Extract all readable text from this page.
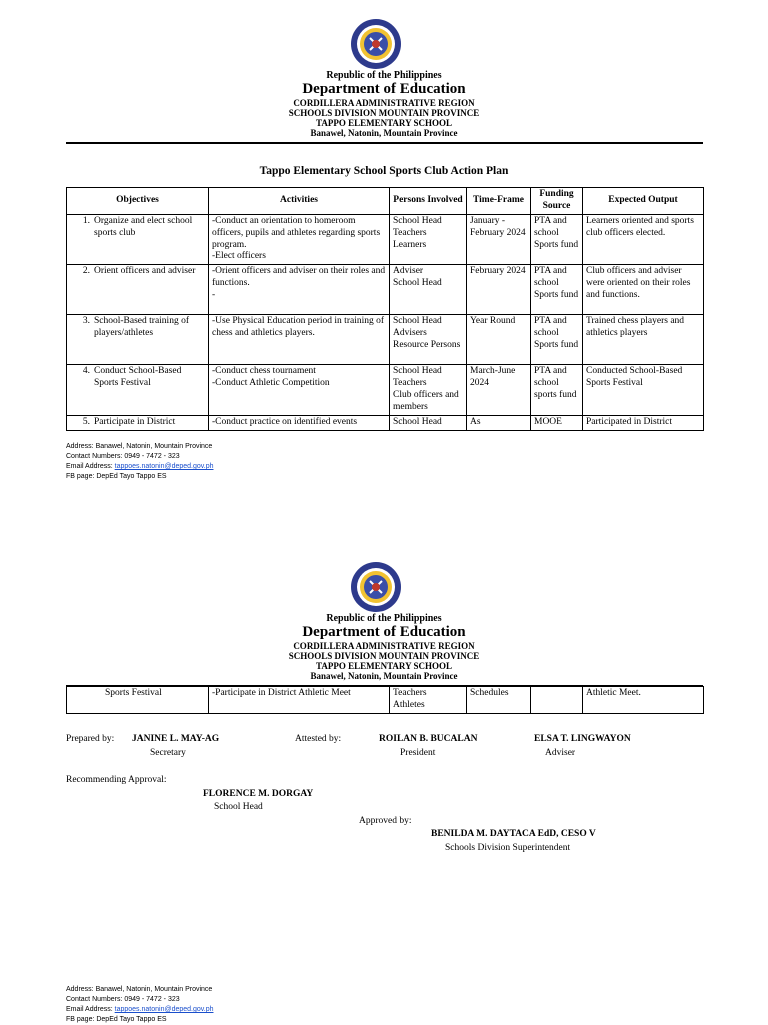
Republic of the Philippines
Department of Education
CORDILLERA ADMINISTRATIVE REGION
SCHOOLS DIVISION MOUNTAIN PROVINCE
TAPPO ELEMENTARY SCHOOL
Banawel, Natonin, Mountain Province
Tappo Elementary School Sports Club Action Plan
Objectives	Activities	Persons Involved	Time-Frame	Funding Source	Expected Output

1. Organize and elect school sports club	-Conduct an orientation to homeroom officers, pupils and athletes regarding sports program.
-Elect officers	School Head
Teachers
Learners	January - February 2024	PTA and school Sports fund	Learners oriented and sports club officers elected.

2. Orient officers and adviser	-Orient officers and adviser on their roles and functions.
-	Adviser
School Head	February 2024	PTA and school Sports fund	Club officers and adviser were oriented on their roles and functions.

3. School-Based training of players/athletes	-Use Physical Education period in training of chess and athletics players.	School Head
Advisers
Resource Persons	Year Round	PTA and school Sports fund	Trained chess players and athletics players

4. Conduct School-Based Sports Festival	-Conduct chess tournament
-Conduct Athletic Competition	School Head
Teachers
Club officers and members	March-June 2024	PTA and school sports fund	Conducted School-Based Sports Festival

5. Participate in District	-Conduct practice on identified events	School Head	As	MOOE	Participated in District
Address: Banawel, Natonin, Mountain Province
Contact Numbers: 0949 - 7472 - 323
Email Address: tappoes.natonin@deped.gov.ph
FB page: DepEd Tayo Tappo ES
Republic of the Philippines
Department of Education
CORDILLERA ADMINISTRATIVE REGION
SCHOOLS DIVISION MOUNTAIN PROVINCE
TAPPO ELEMENTARY SCHOOL
Banawel, Natonin, Mountain Province
Sports Festival	-Participate in District Athletic Meet	Teachers
Athletes	Schedules		Athletic Meet.
Prepared by: JANINE L. MAY-AG
Secretary
Attested by:	ROILAN B. BUCALAN
President
ELSA T. LINGWAYON
Adviser
Recommending Approval:
FLORENCE M. DORGAY
School Head
Approved by:
BENILDA M. DAYTACA EdD, CESO V
Schools Division Superintendent
Address: Banawel, Natonin, Mountain Province
Contact Numbers: 0949 - 7472 - 323
Email Address: tappoes.natonin@deped.gov.ph
FB page: DepEd Tayo Tappo ES
